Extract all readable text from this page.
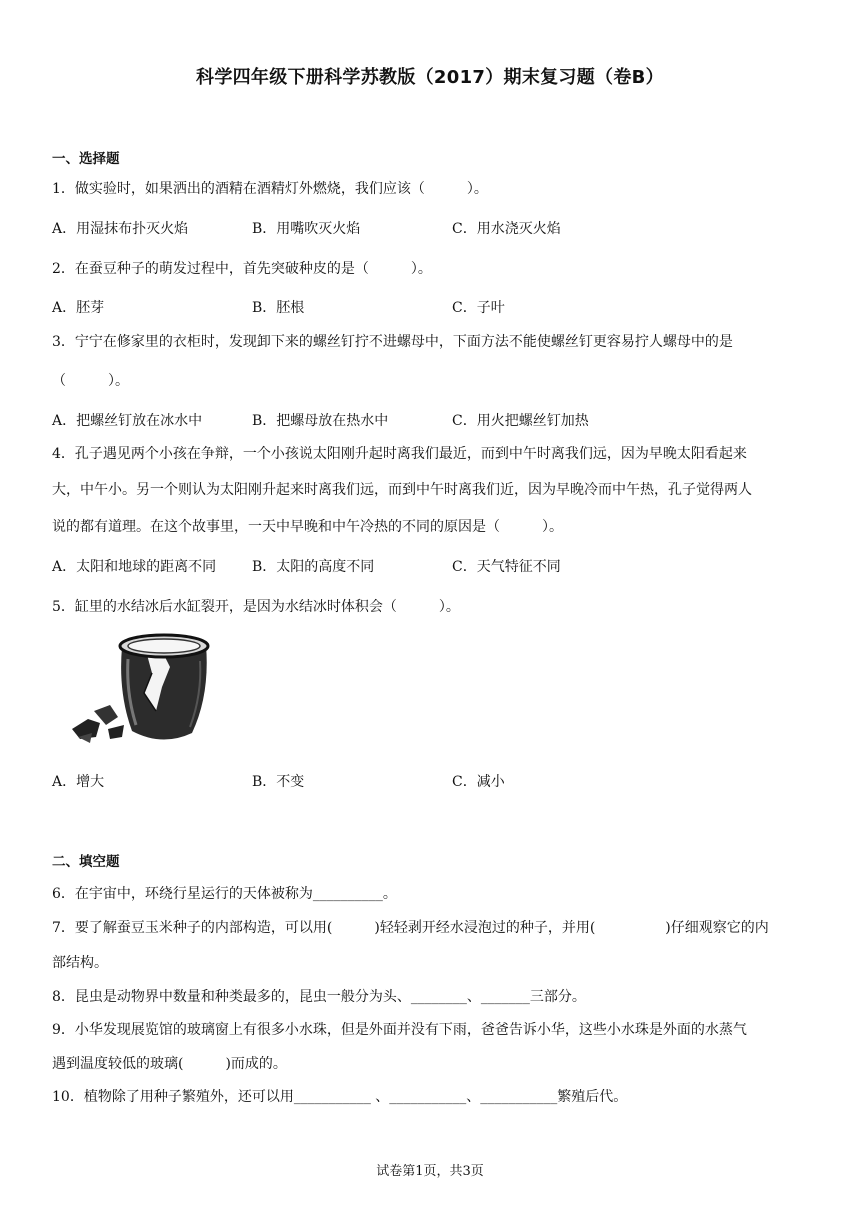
科学四年级下册科学苏教版（2017）期末复习题（卷B）
一、选择题
1．做实验时，如果洒出的酒精在酒精灯外燃烧，我们应该（　　　）。
A．用湿抹布扑灭火焰	B．用嘴吹灭火焰	C．用水浇灭火焰
2．在蚕豆种子的萌发过程中，首先突破种皮的是（　　　）。
A．胚芽	B．胚根	C．子叶
3．宁宁在修家里的衣柜时，发现卸下来的螺丝钉拧不进螺母中，下面方法不能使螺丝钉更容易拧人螺母中的是
（　　　）。
A．把螺丝钉放在冰水中	B．把螺母放在热水中	C．用火把螺丝钉加热
4．孔子遇见两个小孩在争辩，一个小孩说太阳刚升起时离我们最近，而到中午时离我们远，因为早晚太阳看起来
大，中午小。另一个则认为太阳刚升起来时离我们远，而到中午时离我们近，因为早晚冷而中午热，孔子觉得两人
说的都有道理。在这个故事里，一天中早晚和中午冷热的不同的原因是（　　　）。
A．太阳和地球的距离不同	B．太阳的高度不同	C．天气特征不同
5．缸里的水结冰后水缸裂开，是因为水结冰时体积会（　　　）。
A．增大	B．不变	C．减小
二、填空题
6．在宇宙中，环绕行星运行的天体被称为__________。
7．要了解蚕豆玉米种子的内部构造，可以用(　　　)轻轻剥开经水浸泡过的种子，并用(　　　　　)仔细观察它的内
部结构。
8．昆虫是动物界中数量和种类最多的，昆虫一般分为头、________、_______三部分。
9．小华发现展览馆的玻璃窗上有很多小水珠，但是外面并没有下雨，爸爸告诉小华，这些小水珠是外面的水蒸气
遇到温度较低的玻璃(　　　)而成的。
10．植物除了用种子繁殖外，还可以用___________ 、___________、___________繁殖后代。
试卷第1页，共3页
